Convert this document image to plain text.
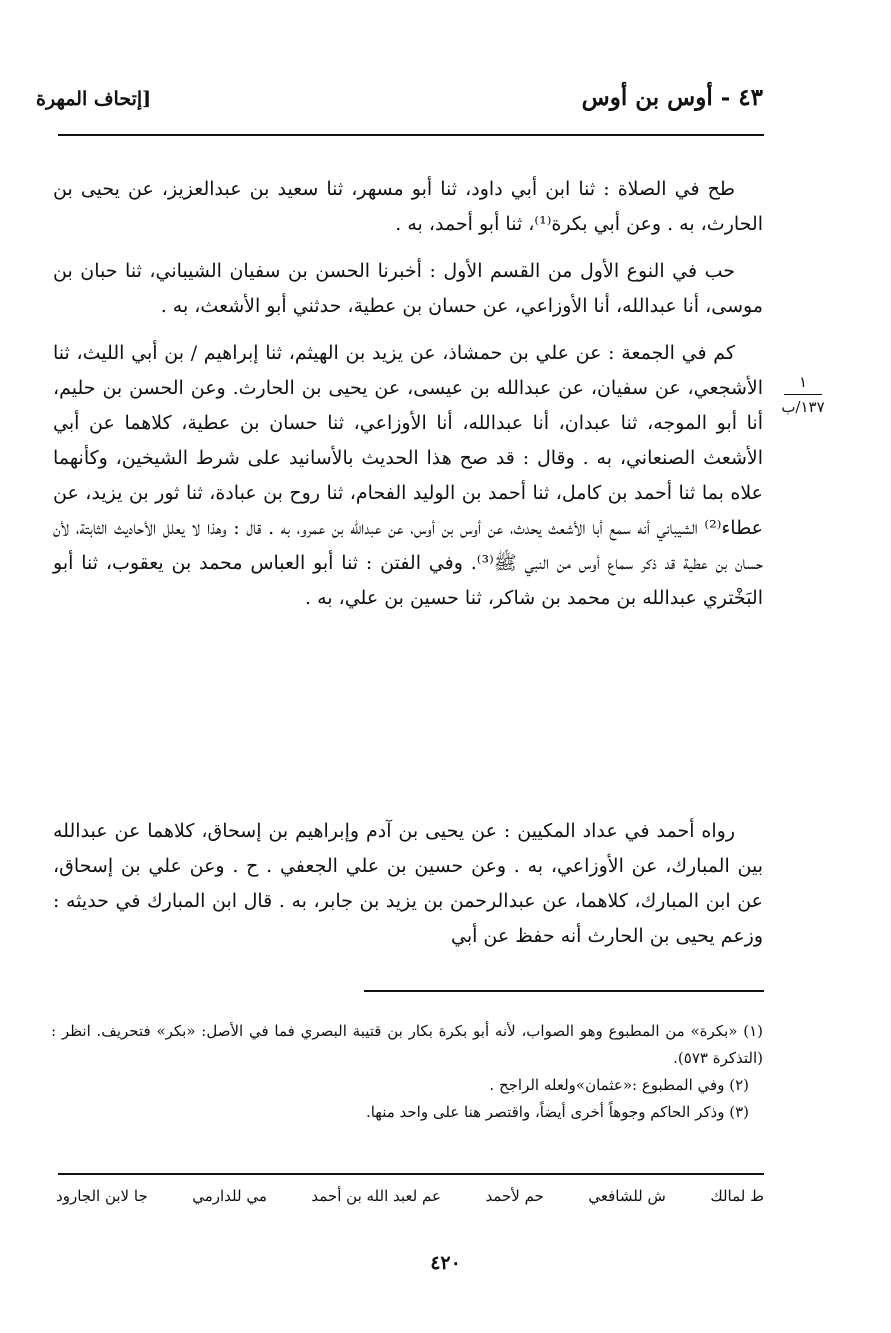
٤٣ - أوس بن أوس
[إتحاف المهرة

طح في الصلاة : ثنا ابن أبي داود، ثنا أبو مسهر، ثنا سعيد بن عبدالعزيز، عن يحيى بن الحارث، به . وعن أبي بكرة⁽¹⁾، ثنا أبو أحمد، به .

حب في النوع الأول من القسم الأول : أخبرنا الحسن بن سفيان الشيباني، ثنا حبان بن موسى، أنا عبدالله، أنا الأوزاعي، عن حسان بن عطية، حدثني أبو الأشعث، به .

كم في الجمعة : عن علي بن حمشاذ، عن يزيد بن الهيثم، ثنا إبراهيم / بن أبي الليث، ثنا الأشجعي، عن سفيان، عن عبدالله بن عيسى، عن يحيى بن الحارث. وعن الحسن بن حليم، أنا أبو الموجه، ثنا عبدان، أنا عبدالله، أنا الأوزاعي، ثنا حسان بن عطية، كلاهما عن أبي الأشعث الصنعاني، به . وقال : قد صح هذا الحديث بالأسانيد على شرط الشيخين، وكأنهما علاه بما ثنا أحمد بن كامل، ثنا أحمد بن الوليد الفحام، ثنا روح بن عبادة، ثنا ثور بن يزيد، عن عطاء⁽²⁾ الشيباني أنه سمع أبا الأشعث يحدث، عن أوس بن أوس، عن عبدالله بن عمرو، به . قال : وهذا لا يعلل الأحاديث الثابتة، لأن حسان بن عطية قد ذكر سماع أوس من النبي ﷺ⁽³⁾. وفي الفتن : ثنا أبو العباس محمد بن يعقوب، ثنا أبو البَخْتري عبدالله بن محمد بن شاكر، ثنا حسين بن علي، به .

١
١٣٧/ب

رواه أحمد في عداد المكيين : عن يحيى بن آدم وإبراهيم بن إسحاق، كلاهما عن عبدالله بين المبارك، عن الأوزاعي، به . وعن حسين بن علي الجعفي . ح . وعن علي بن إسحاق، عن ابن المبارك، كلاهما، عن عبدالرحمن بن يزيد بن جابر، به . قال ابن المبارك في حديثه : وزعم يحيى بن الحارث أنه حفظ عن أبي

(١) «بكرة» من المطبوع وهو الصواب، لأنه أبو بكرة بكار بن قتيبة البصري فما في الأصل: «بكر» فتحريف. انظر : (التذكرة ٥٧٣).

(٢) وفي المطبوع :«عثمان»ولعله الراجح .

(٣) وذكر الحاكم وجوهاً أخرى أيضاً، واقتصر هنا على واحد منها.

ط لمالك
ش للشافعي
حم لأحمد
عم لعبد الله بن أحمد
مي للدارمي
جا لابن الجارود
٤٢٠
